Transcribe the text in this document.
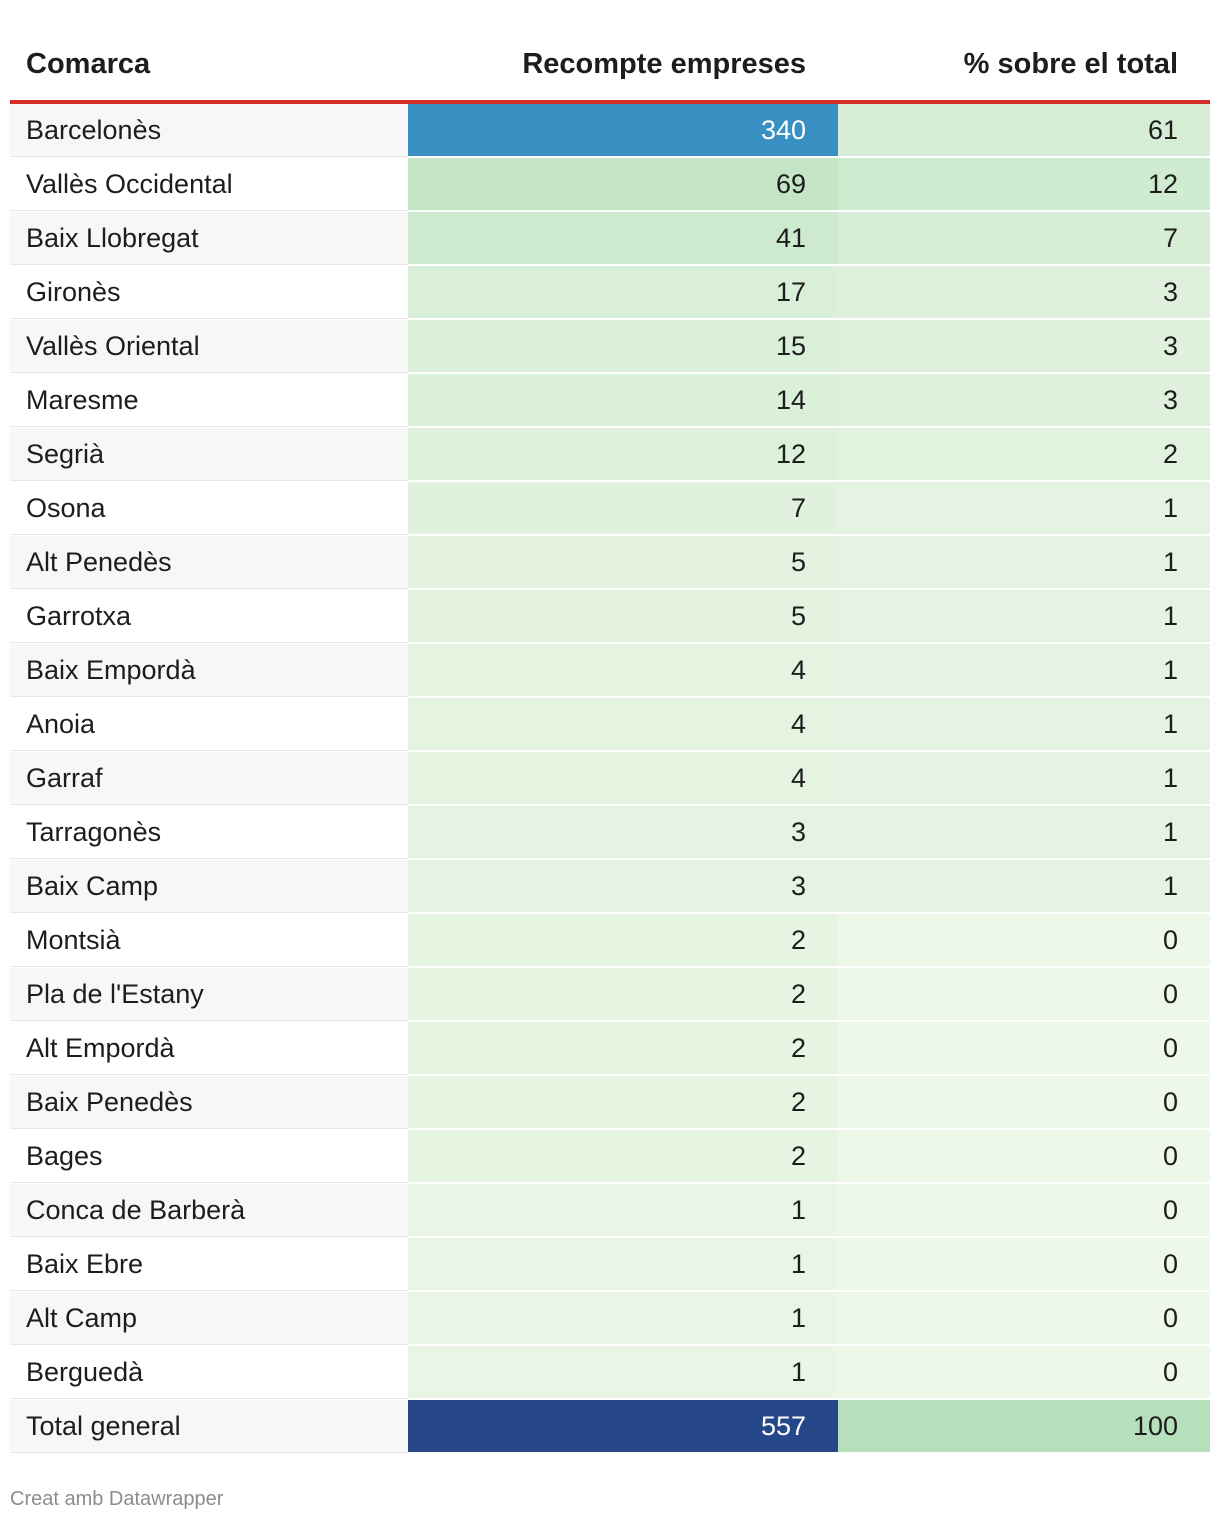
Comarca	Recompte empreses	% sobre el total
Barcelonès	340	61
Vallès Occidental	69	12
Baix Llobregat	41	7
Gironès	17	3
Vallès Oriental	15	3
Maresme	14	3
Segrià	12	2
Osona	7	1
Alt Penedès	5	1
Garrotxa	5	1
Baix Empordà	4	1
Anoia	4	1
Garraf	4	1
Tarragonès	3	1
Baix Camp	3	1
Montsià	2	0
Pla de l'Estany	2	0
Alt Empordà	2	0
Baix Penedès	2	0
Bages	2	0
Conca de Barberà	1	0
Baix Ebre	1	0
Alt Camp	1	0
Berguedà	1	0
Total general	557	100
Creat amb Datawrapper
